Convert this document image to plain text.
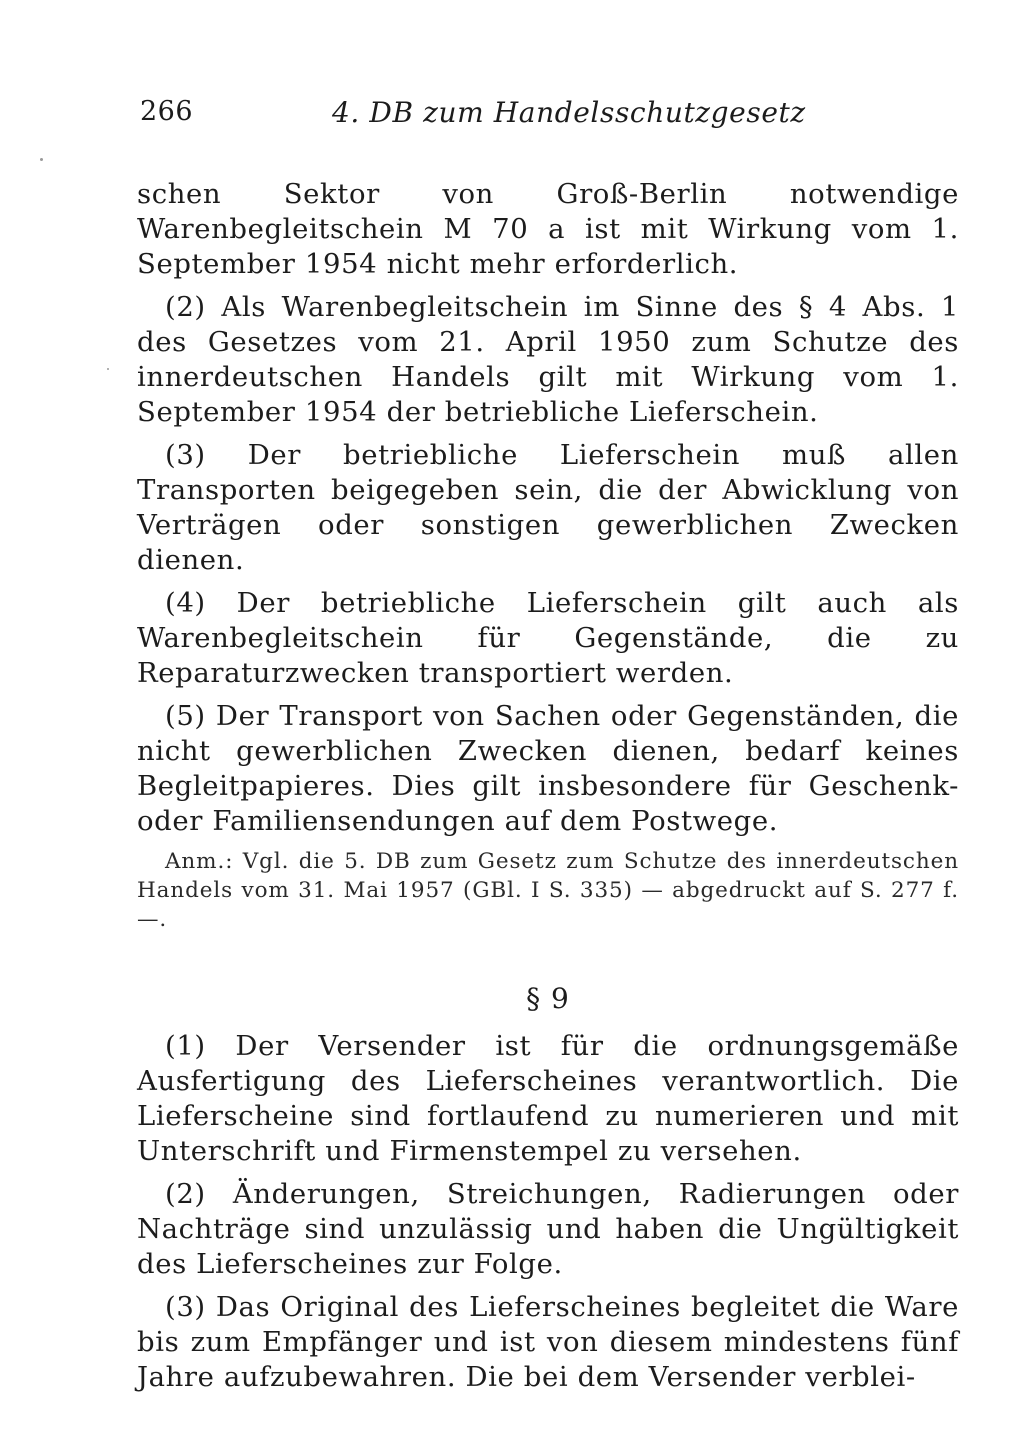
266	4. DB zum Handelsschutzgesetz

schen Sektor von Groß-Berlin notwendige Warenbegleitschein M 70 a ist mit Wirkung vom 1. September 1954 nicht mehr erforderlich.

(2) Als Warenbegleitschein im Sinne des § 4 Abs. 1 des Gesetzes vom 21. April 1950 zum Schutze des innerdeutschen Handels gilt mit Wirkung vom 1. September 1954 der betriebliche Lieferschein.

(3) Der betriebliche Lieferschein muß allen Transporten beigegeben sein, die der Abwicklung von Verträgen oder sonstigen gewerblichen Zwecken dienen.

(4) Der betriebliche Lieferschein gilt auch als Warenbegleitschein für Gegenstände, die zu Reparaturzwecken transportiert werden.

(5) Der Transport von Sachen oder Gegenständen, die nicht gewerblichen Zwecken dienen, bedarf keines Begleitpapieres. Dies gilt insbesondere für Geschenk- oder Familiensendungen auf dem Postwege.

Anm.: Vgl. die 5. DB zum Gesetz zum Schutze des innerdeutschen Handels vom 31. Mai 1957 (GBl. I S. 335) — abgedruckt auf S. 277 f. —.

§ 9

(1) Der Versender ist für die ordnungsgemäße Ausfertigung des Lieferscheines verantwortlich. Die Lieferscheine sind fortlaufend zu numerieren und mit Unterschrift und Firmenstempel zu versehen.

(2) Änderungen, Streichungen, Radierungen oder Nachträge sind unzulässig und haben die Ungültigkeit des Lieferscheines zur Folge.

(3) Das Original des Lieferscheines begleitet die Ware bis zum Empfänger und ist von diesem mindestens fünf Jahre aufzubewahren. Die bei dem Versender verblei-
